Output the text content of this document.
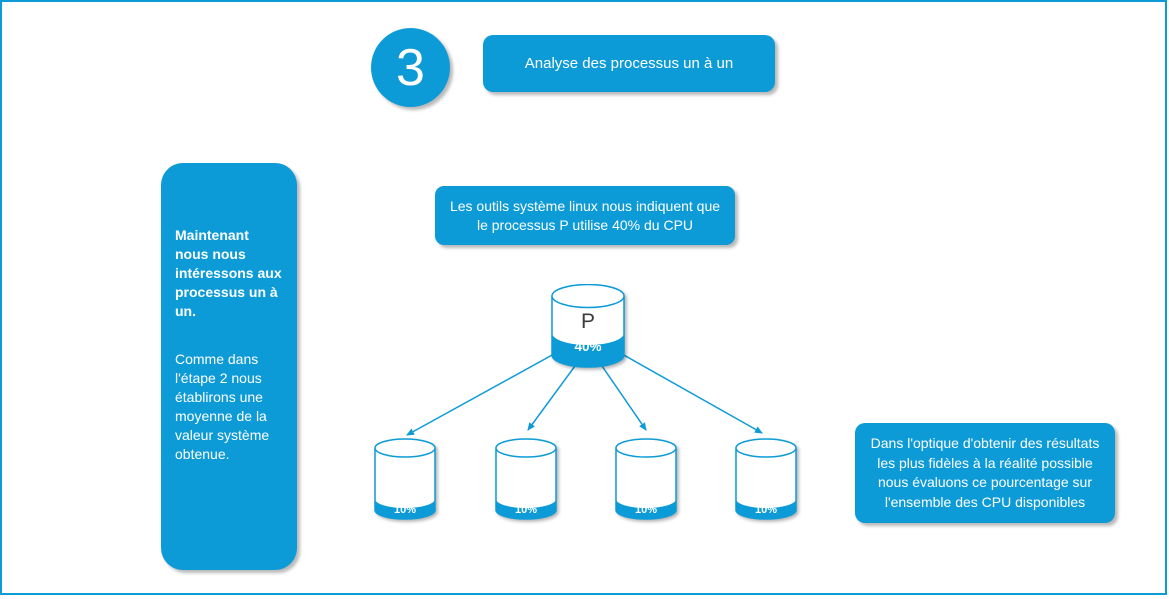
3	Analyse des processus un à un

Maintenant nous nous intéressons aux processus un à un.

Comme dans l'étape 2 nous établirons une moyenne de la valeur système obtenue.

Les outils système linux nous indiquent que le processus P utilise 40% du CPU
Dans l'optique d'obtenir des résultats les plus fidèles à la réalité possible nous évaluons ce pourcentage sur l'ensemble des CPU disponibles
P
40%
10%	10%	10%	10%
